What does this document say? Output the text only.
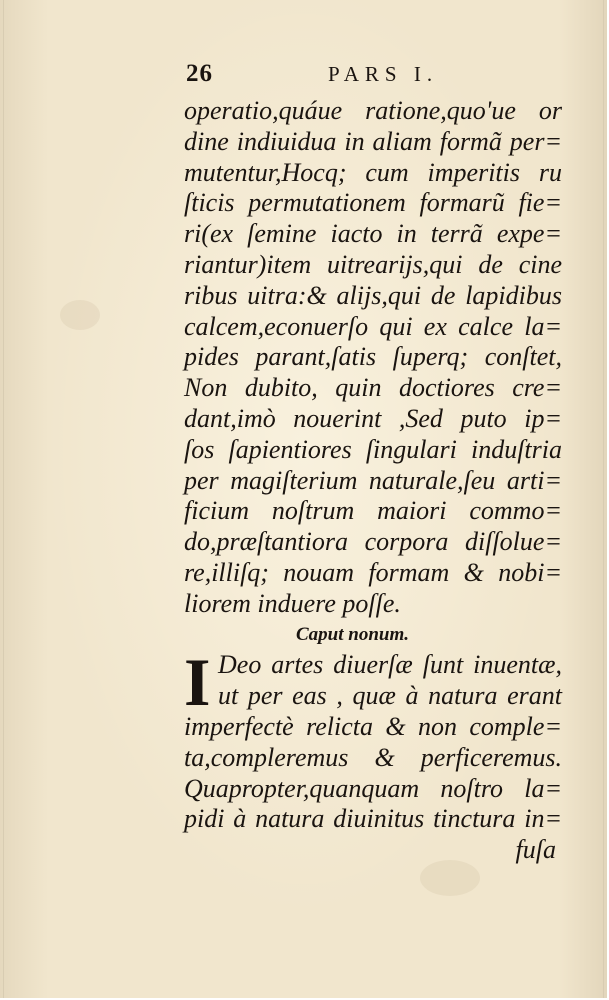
26	PARS I.
operatio,quáue ratione,quo'ue or
dine indiuidua in aliam formã per=
mutentur,Hocq; cum imperitis ru
ſticis permutationem formarũ fie=
ri(ex ſemine iacto in terrã expe=
riantur)item uitrearijs,qui de cine
ribus uitra:& alijs,qui de lapidibus
calcem,econuerſo qui ex calce la=
pides parant,ſatis ſuperq; conſtet,
Non dubito, quin doctiores cre=
dant,imò nouerint ,Sed puto ip=
ſos ſapientiores ſingulari induſtria
per magiſterium naturale,ſeu arti=
ficium noſtrum maiori commo=
do,præſtantiora corpora diſſolue=
re,illiſq; nouam formam & nobi=
liorem induere poſſe.
Caput nonum.
I Deo artes diuerſæ ſunt inuentæ,
ut per eas , quæ à natura erant
imperfectè relicta & non comple=
ta,compleremus & perficeremus.
Quapropter,quanquam noſtro la=
pidi à natura diuinitus tinctura in=
fuſa
